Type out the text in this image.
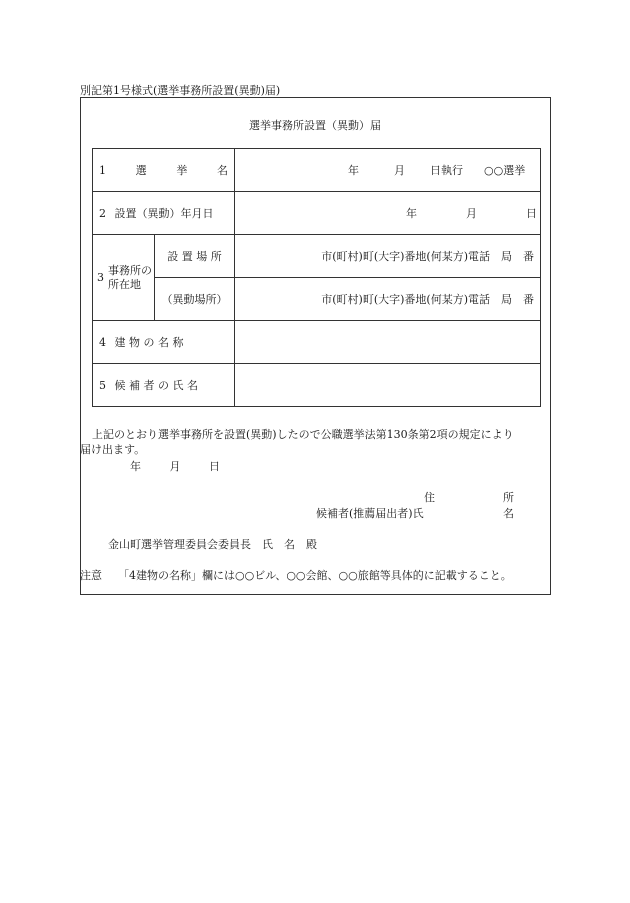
別記第1号様式(選挙事務所設置(異動)届)
選挙事務所設置（異動）届
1 選 挙 名		年 月 日執行 ○○選挙

2 設置（異動）年月日		年 月 日

3
事務所の所在地	設 置 場 所	市(町村)町(大字)番地(何某方)電話　局　番
	（異動場所）	市(町村)町(大字)番地(何某方)電話　局　番
4 建 物 の 名 称		
5 候 補 者 の 氏 名		
上記のとおり選挙事務所を設置(異動)したので公職選挙法第130条第2項の規定により
届け出ます。
年	月	日
住	所
候補者(推薦届出者)氏	名
金山町選挙管理委員会委員長　氏　名　殿
注意 「4建物の名称」欄には○○ビル、○○会館、○○旅館等具体的に記載すること。
